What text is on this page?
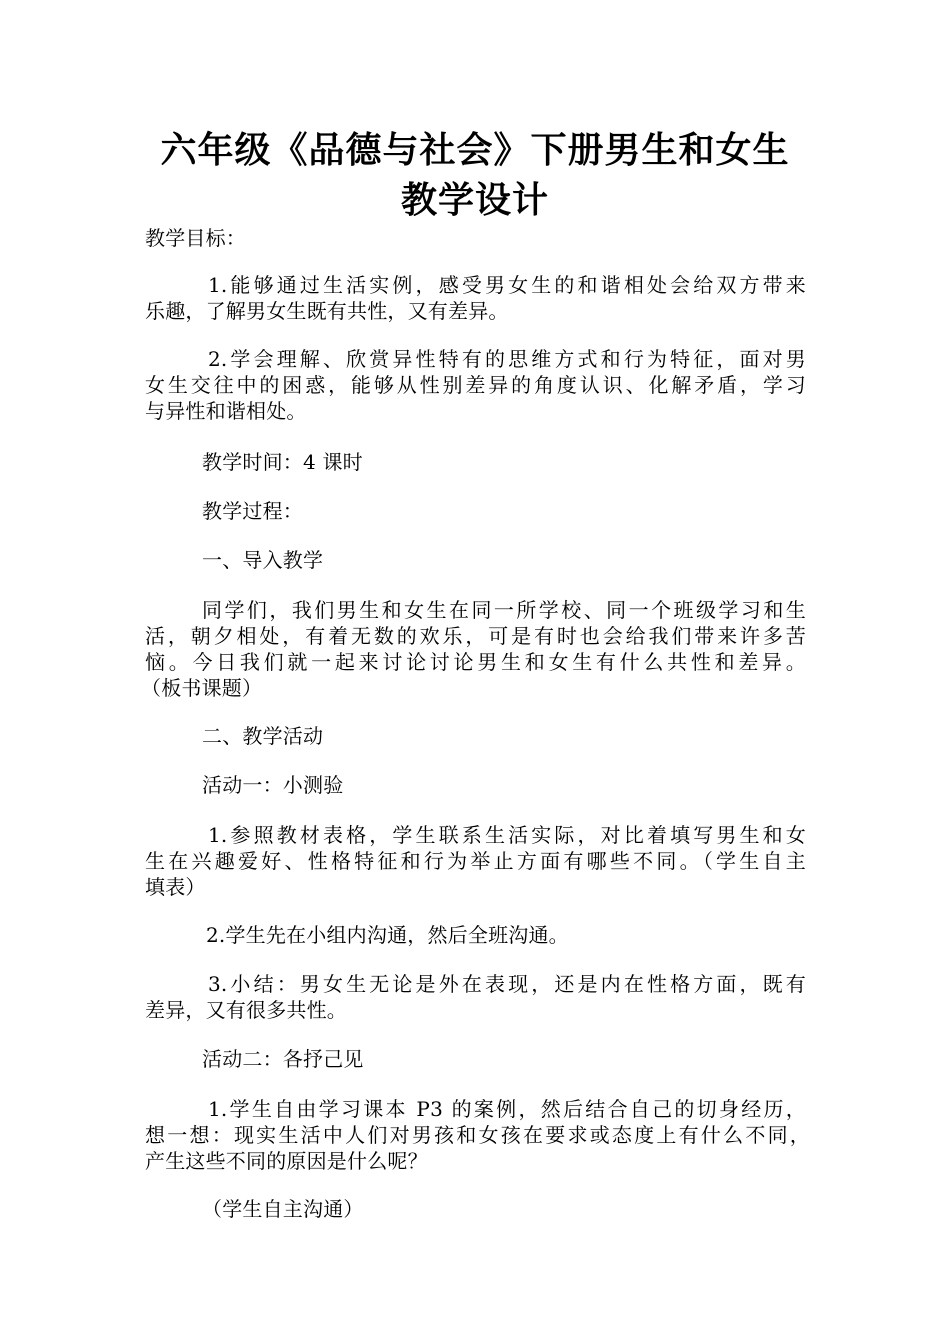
六年级《品德与社会》下册男生和女生
教学设计
教学目标：
1.能够通过生活实例，感受男女生的和谐相处会给双方带来
乐趣，了解男女生既有共性，又有差异。
2.学会理解、欣赏异性特有的思维方式和行为特征，面对男
女生交往中的困惑，能够从性别差异的角度认识、化解矛盾，学习
与异性和谐相处。
教学时间：4 课时
教学过程：
一、导入教学
同学们，我们男生和女生在同一所学校、同一个班级学习和生
活，朝夕相处，有着无数的欢乐，可是有时也会给我们带来许多苦
恼。今日我们就一起来讨论讨论男生和女生有什么共性和差异。
（板书课题）
二、教学活动
活动一：小测验
1.参照教材表格，学生联系生活实际，对比着填写男生和女
生在兴趣爱好、性格特征和行为举止方面有哪些不同。（学生自主
填表）
2.学生先在小组内沟通，然后全班沟通。
3.小结：男女生无论是外在表现，还是内在性格方面，既有
差异，又有很多共性。
活动二：各抒己见
1.学生自由学习课本 P3 的案例，然后结合自己的切身经历，
想一想：现实生活中人们对男孩和女孩在要求或态度上有什么不同，
产生这些不同的原因是什么呢？
（学生自主沟通）
